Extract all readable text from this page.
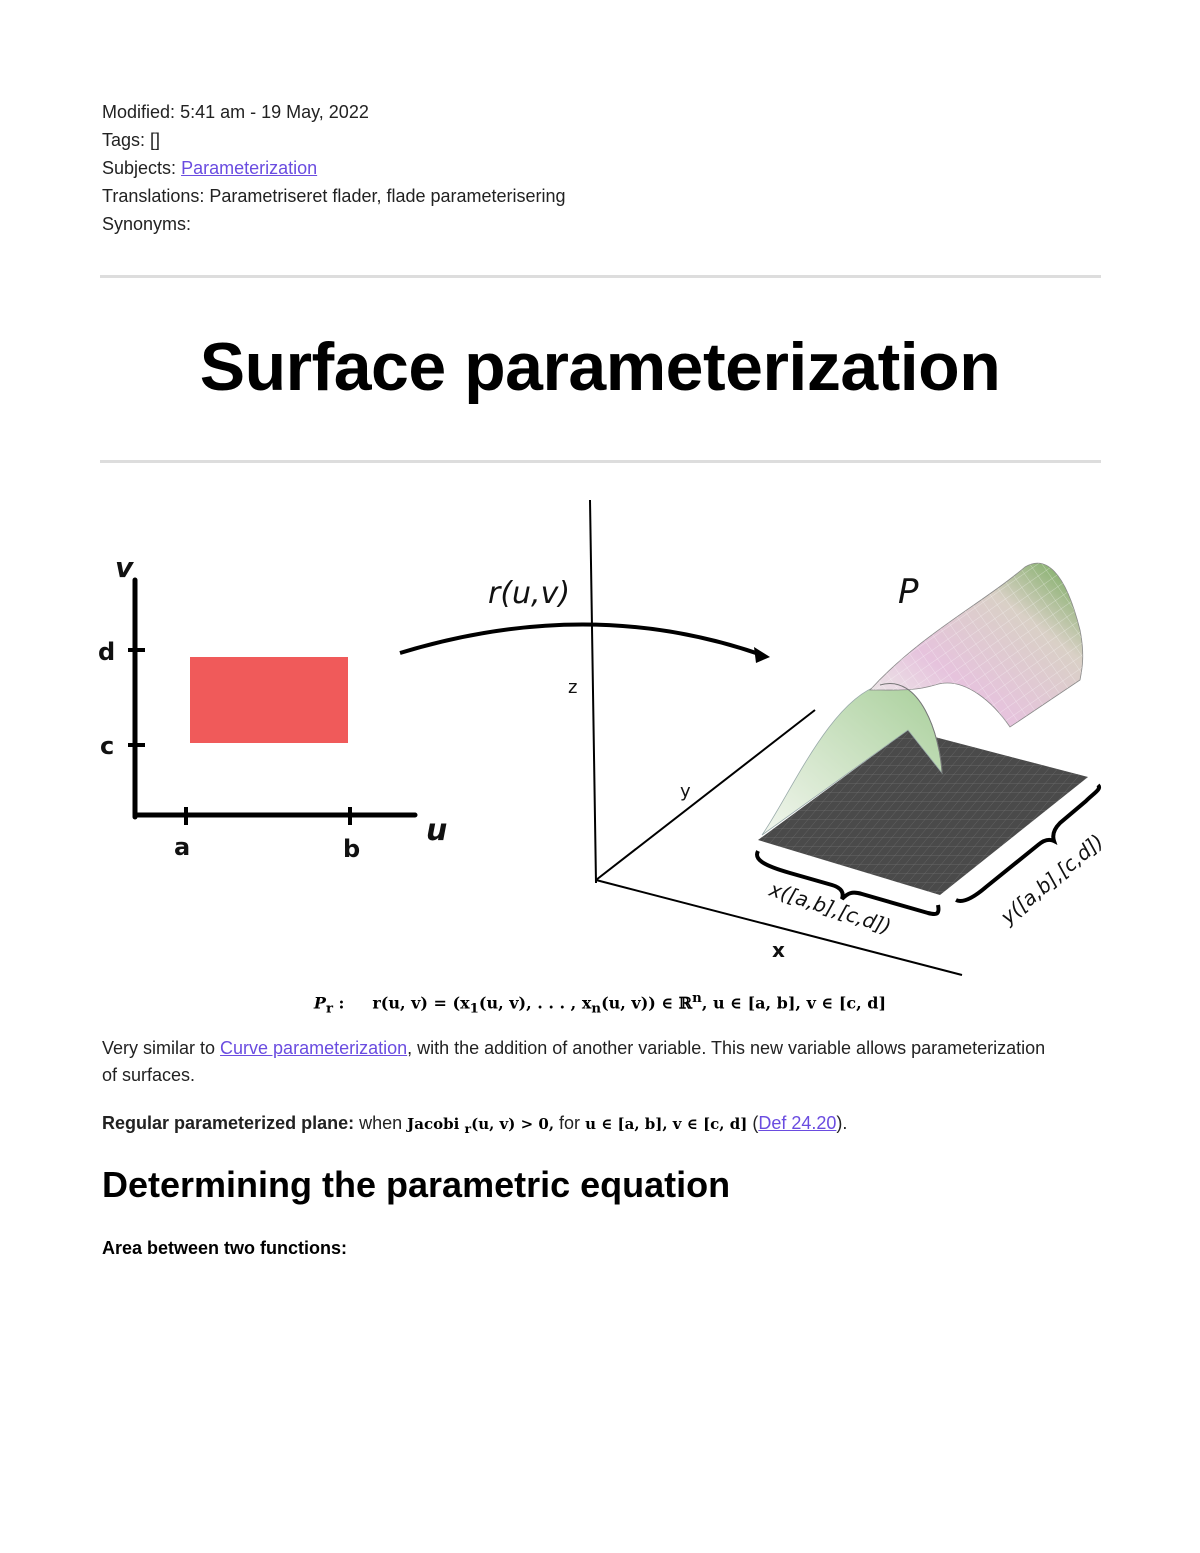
Modified: 5:41 am - 19 May, 2022
Tags: []
Subjects: Parameterization
Translations: Parametriseret flader, flade parameterisering
Synonyms:
Surface parameterization
v
d
c
a	b
u
r(u,v)
z
y
x
P
x([a,b],[c,d])	y([a,b],[c,d])
$P_r$ : r(u, $v) = (x_1(u$, v), . . . , $x_n(u$, v)) ∈ ℝ$^n$, u ∈ [a, b], v ∈ [c, d]
Very similar to Curve parameterization, with the addition of another variable. This new variable allows parameterization of surfaces.
Regular parameterized plane: when Jacobi $_r$(u, v) > 0, for u ∈ [a, b], v ∈ [c, d] (Def 24.20).
Determining the parametric equation
Area between two functions:
